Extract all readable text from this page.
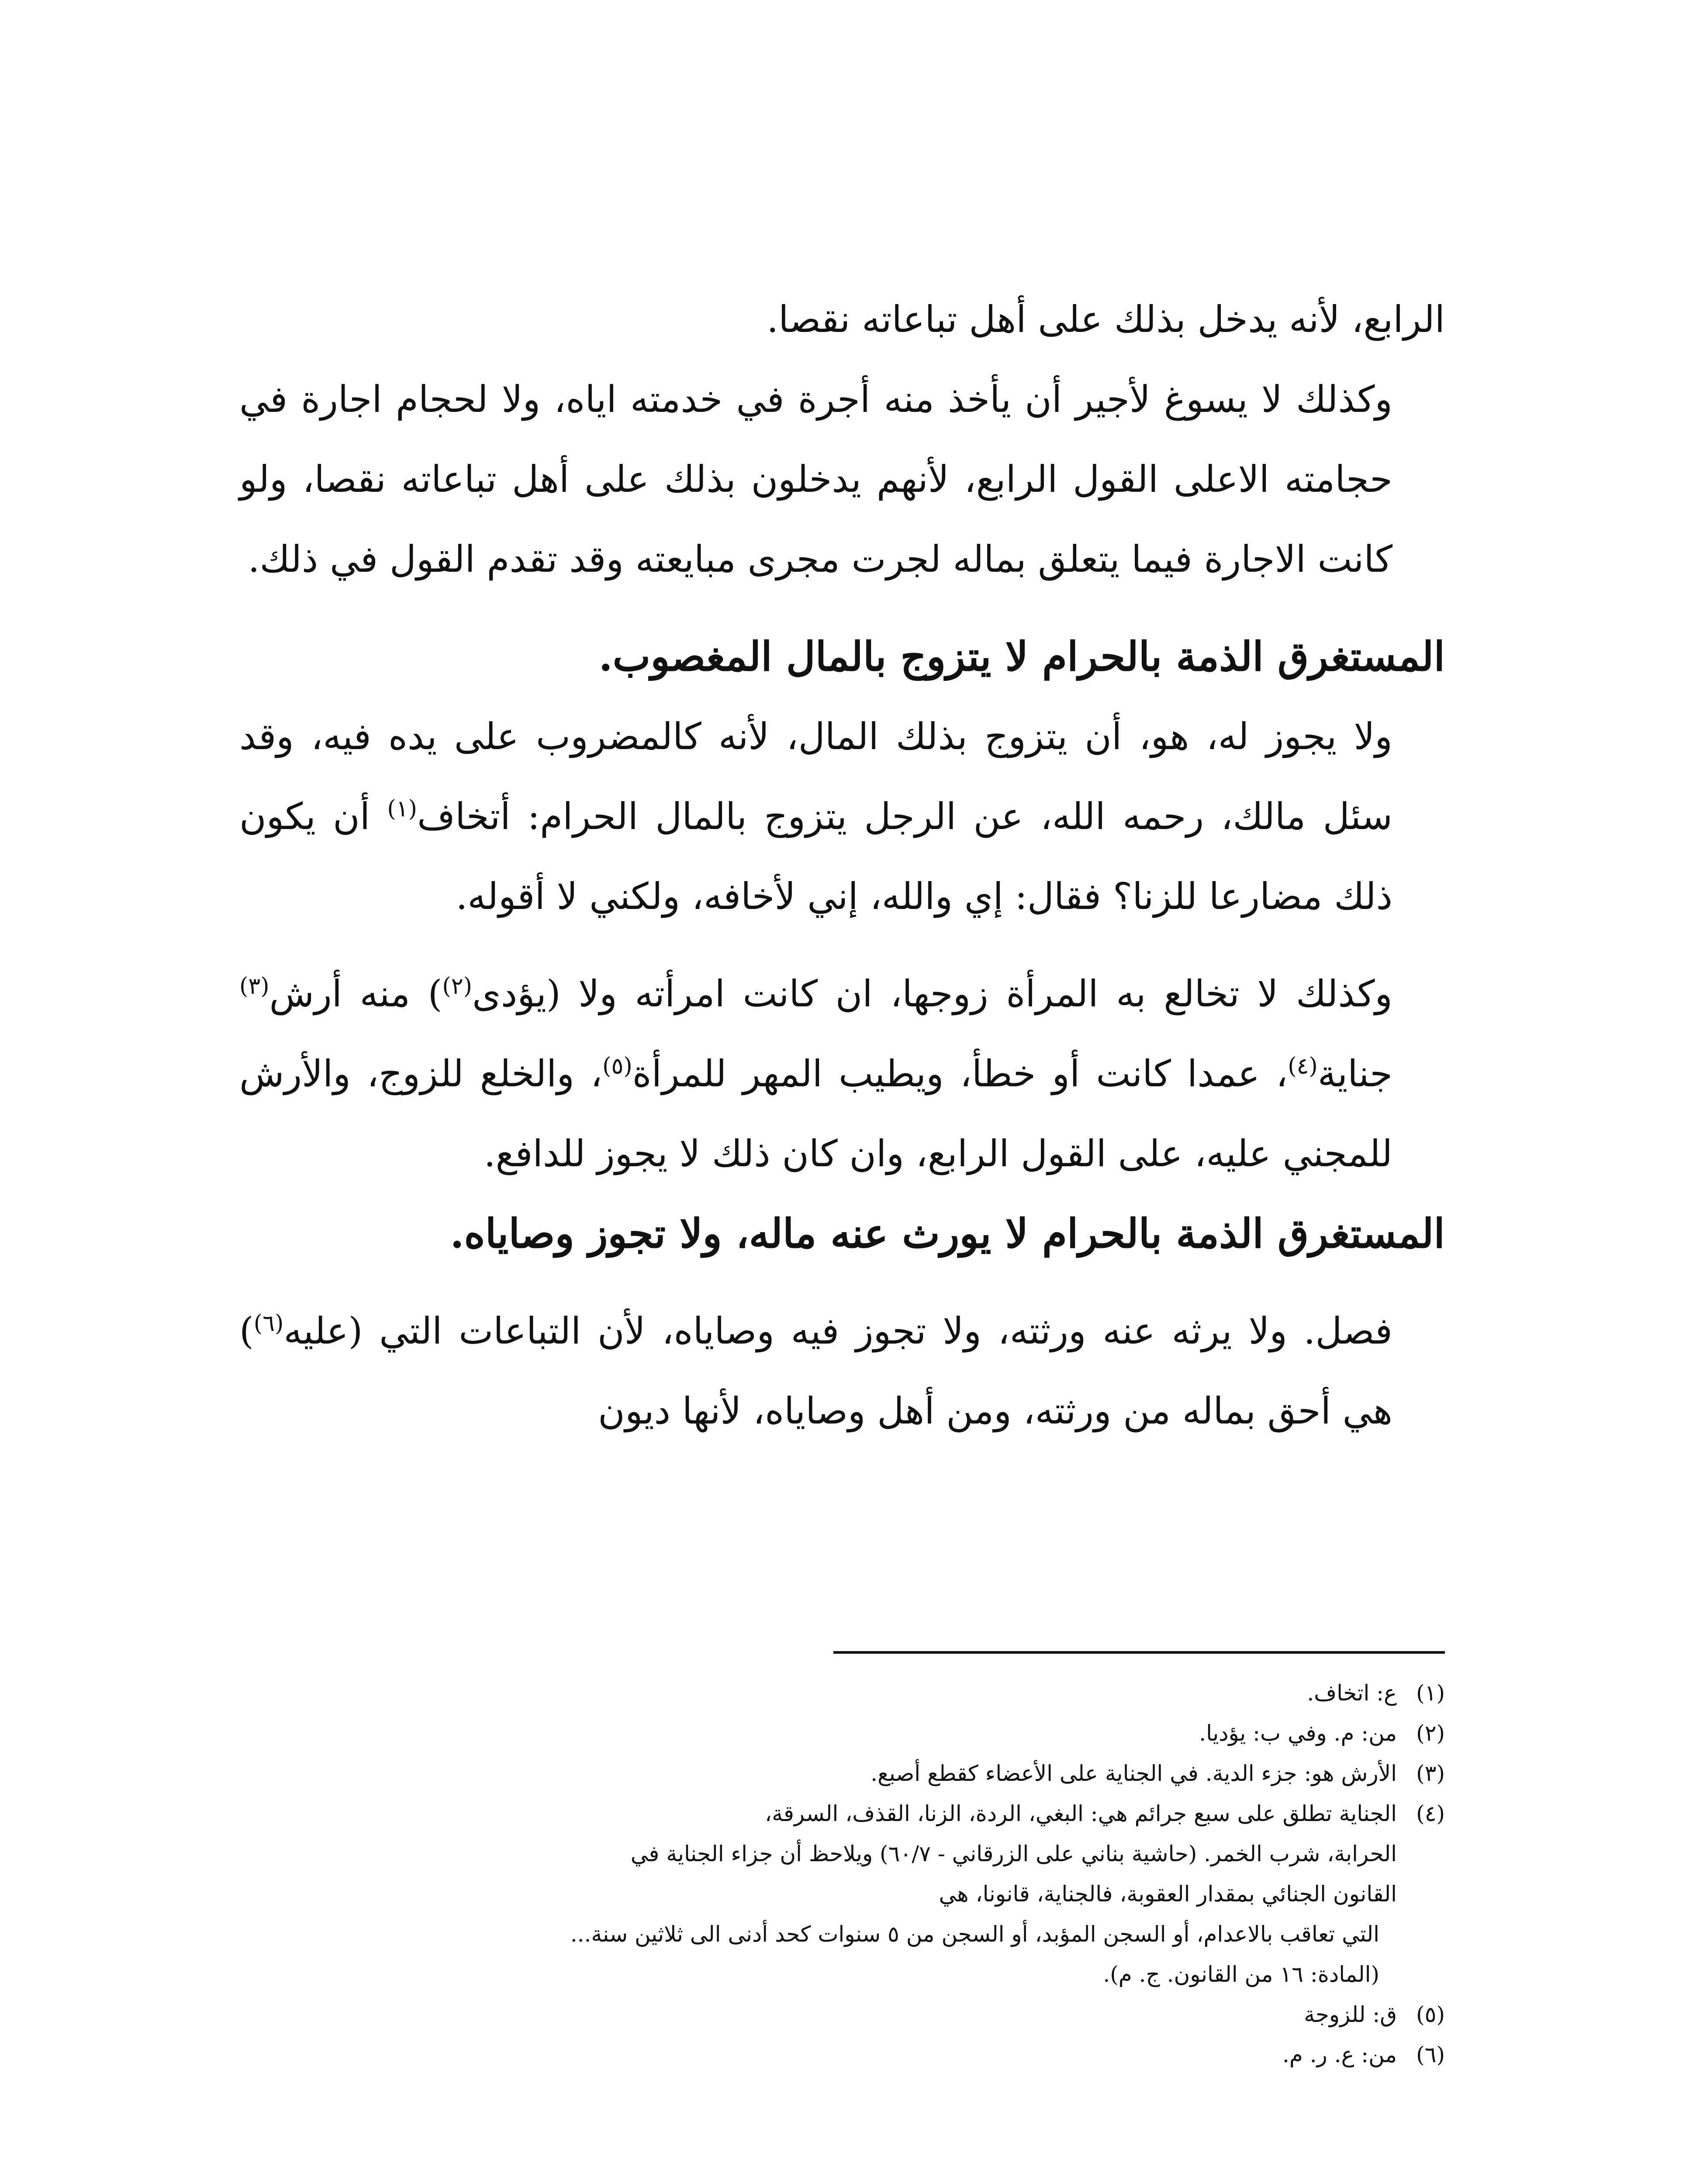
الرابع، لأنه يدخل بذلك على أهل تباعاته نقصا.

وكذلك لا يسوغ لأجير أن يأخذ منه أجرة في خدمته اياه، ولا لحجام اجارة في حجامته الاعلى القول الرابع، لأنهم يدخلون بذلك على أهل تباعاته نقصا، ولو كانت الاجارة فيما يتعلق بماله لجرت مجرى مبايعته وقد تقدم القول في ذلك.

المستغرق الذمة بالحرام لا يتزوج بالمال المغصوب.

ولا يجوز له، هو، أن يتزوج بذلك المال، لأنه كالمضروب على يده فيه، وقد سئل مالك، رحمه الله، عن الرجل يتزوج بالمال الحرام: أتخاف$^{(١)}$ أن يكون ذلك مضارعا للزنا؟ فقال: إي والله، إني لأخافه، ولكني لا أقوله.

وكذلك لا تخالع به المرأة زوجها، ان كانت امرأته ولا (يؤدى$^{(٢)}$) منه أرش$^{(٣)}$ جناية$^{(٤)}$، عمدا كانت أو خطأ، ويطيب المهر للمرأة$^{(٥)}$، والخلع للزوج، والأرش للمجني عليه، على القول الرابع، وان كان ذلك لا يجوز للدافع.

المستغرق الذمة بالحرام لا يورث عنه ماله، ولا تجوز وصاياه.

فصل. ولا يرثه عنه ورثته، ولا تجوز فيه وصاياه، لأن التباعات التي (عليه$^{(٦)}$) هي أحق بماله من ورثته، ومن أهل وصاياه، لأنها ديون

(١)
ع: اتخاف.
(٢)
من: م. وفي ب: يؤديا.
(٣)
الأرش هو: جزء الدية. في الجناية على الأعضاء كقطع أصبع.
(٤)
الجناية تطلق على سبع جرائم هي: البغي، الردة، الزنا، القذف، السرقة،

الحرابة، شرب الخمر. (حاشية بناني على الزرقاني - ٦٠/٧) ويلاحظ أن جزاء الجناية في

القانون الجنائي بمقدار العقوبة، فالجناية، قانونا، هي

التي تعاقب بالاعدام، أو السجن المؤبد، أو السجن من ٥ سنوات كحد أدنى الى ثلاثين سنة...

(المادة: ١٦ من القانون. ج. م).

(٥)
ق: للزوجة
(٦)
من: ع. ر. م.
